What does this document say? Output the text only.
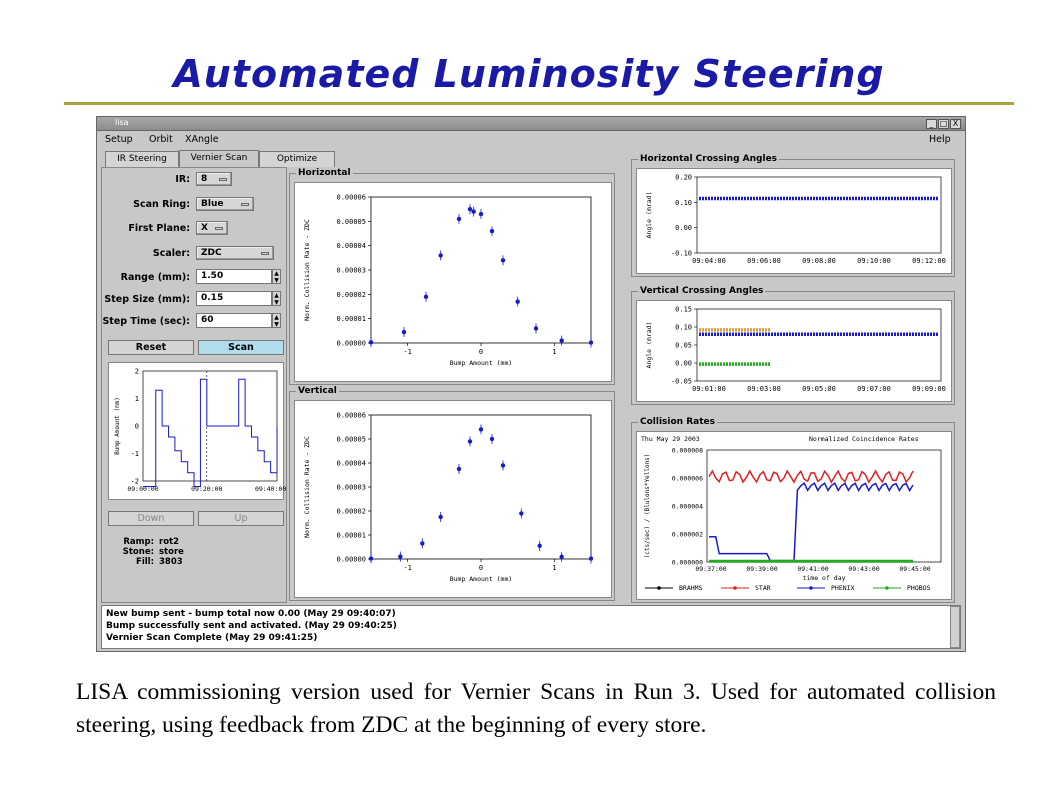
Automated Luminosity Steering
lisa	_ □ X
Setup Orbit XAngle	Help
IR Steering	Vernier Scan	Optimize
IR:	8
Scan Ring:	Blue
First Plane:	X
Scaler:	ZDC
Range (mm):	1.50	▲
▼
Step Size (mm):	0.15	▲
▼
Step Time (sec):	60	▲
▼
Reset	Scan
2
1
0
-1
-2
09:00:00	09:20:00	09:40:00
Bump Amount (mm)
Down	Up
Ramp: rot2
Stone: store
Fill: 3803
Horizontal
0.00000
0.00001
0.00002
0.00003
0.00004
0.00005
0.00006
-1	0	1
Bump Amount (mm)
Norm. Collision Rate - ZDC
Vertical
0.00000
0.00001
0.00002
0.00003
0.00004
0.00005
0.00006
-1	0	1
Bump Amount (mm)
Norm. Collision Rate - ZDC
Horizontal Crossing Angles
0.20
0.10
0.00
-0.10
09:04:00	09:06:00	09:08:00	09:10:00	09:12:00
Angle (mrad)
Vertical Crossing Angles
0.15
0.10
0.05
0.00
-0.05
09:01:00	09:03:00	09:05:00	09:07:00	09:09:00
Angle (mrad)
Collision Rates
Thu May 29 2003	Normalized Coincidence Rates
0.000008
0.000006
0.000004
0.000002
0.000000
09:37:00	09:39:00	09:41:00	09:43:00	09:45:00
time of day
(cts/sec) / (Blulons*Yellons)
BRAHMS	STAR	PHENIX	PHOBOS
New bump sent - bump total now 0.00 (May 29 09:40:07)
Bump successfully sent and activated. (May 29 09:40:25)
Vernier Scan Complete (May 29 09:41:25)
LISA commissioning version used for Vernier Scans in Run 3. Used for automated collision steering, using feedback from ZDC at the beginning of every store.
